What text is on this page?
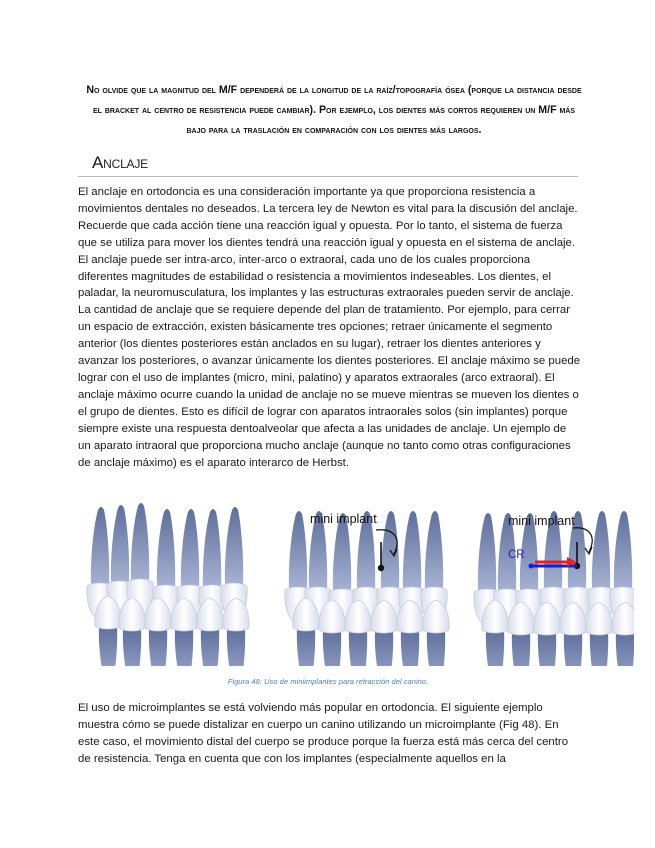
No olvide que la magnitud del M/F dependerá de la longitud de la raíz/topografía ósea (porque la distancia desde el bracket al centro de resistencia puede cambiar). Por ejemplo, los dientes más cortos requieren un M/F más bajo para la traslación en comparación con los dientes más largos.
Anclaje

El anclaje en ortodoncia es una consideración importante ya que proporciona resistencia a movimientos dentales no deseados. La tercera ley de Newton es vital para la discusión del anclaje. Recuerde que cada acción tiene una reacción igual y opuesta. Por lo tanto, el sistema de fuerza que se utiliza para mover los dientes tendrá una reacción igual y opuesta en el sistema de anclaje. El anclaje puede ser intra-arco, inter-arco o extraoral, cada uno de los cuales proporciona diferentes magnitudes de estabilidad o resistencia a movimientos indeseables. Los dientes, el paladar, la neuromusculatura, los implantes y las estructuras extraorales pueden servir de anclaje. La cantidad de anclaje que se requiere depende del plan de tratamiento. Por ejemplo, para cerrar un espacio de extracción, existen básicamente tres opciones; retraer únicamente el segmento anterior (los dientes posteriores están anclados en su lugar), retraer los dientes anteriores y avanzar los posteriores, o avanzar únicamente los dientes posteriores. El anclaje máximo se puede lograr con el uso de implantes (micro, mini, palatino) y aparatos extraorales (arco extraoral). El anclaje máximo ocurre cuando la unidad de anclaje no se mueve mientras se mueven los dientes o el grupo de dientes. Esto es difícil de lograr con aparatos intraorales solos (sin implantes) porque siempre existe una respuesta dentoalveolar que afecta a las unidades de anclaje. Un ejemplo de un aparato intraoral que proporciona mucho anclaje (aunque no tanto como otras configuraciones de anclaje máximo) es el aparato interarco de Herbst.

mini implant	mini implant
CR
Figura 48: Uso de miniimplantes para retracción del canino.

El uso de microimplantes se está volviendo más popular en ortodoncia. El siguiente ejemplo muestra cómo se puede distalizar en cuerpo un canino utilizando un microimplante (Fig 48). En este caso, el movimiento distal del cuerpo se produce porque la fuerza está más cerca del centro de resistencia. Tenga en cuenta que con los implantes (especialmente aquellos en la
